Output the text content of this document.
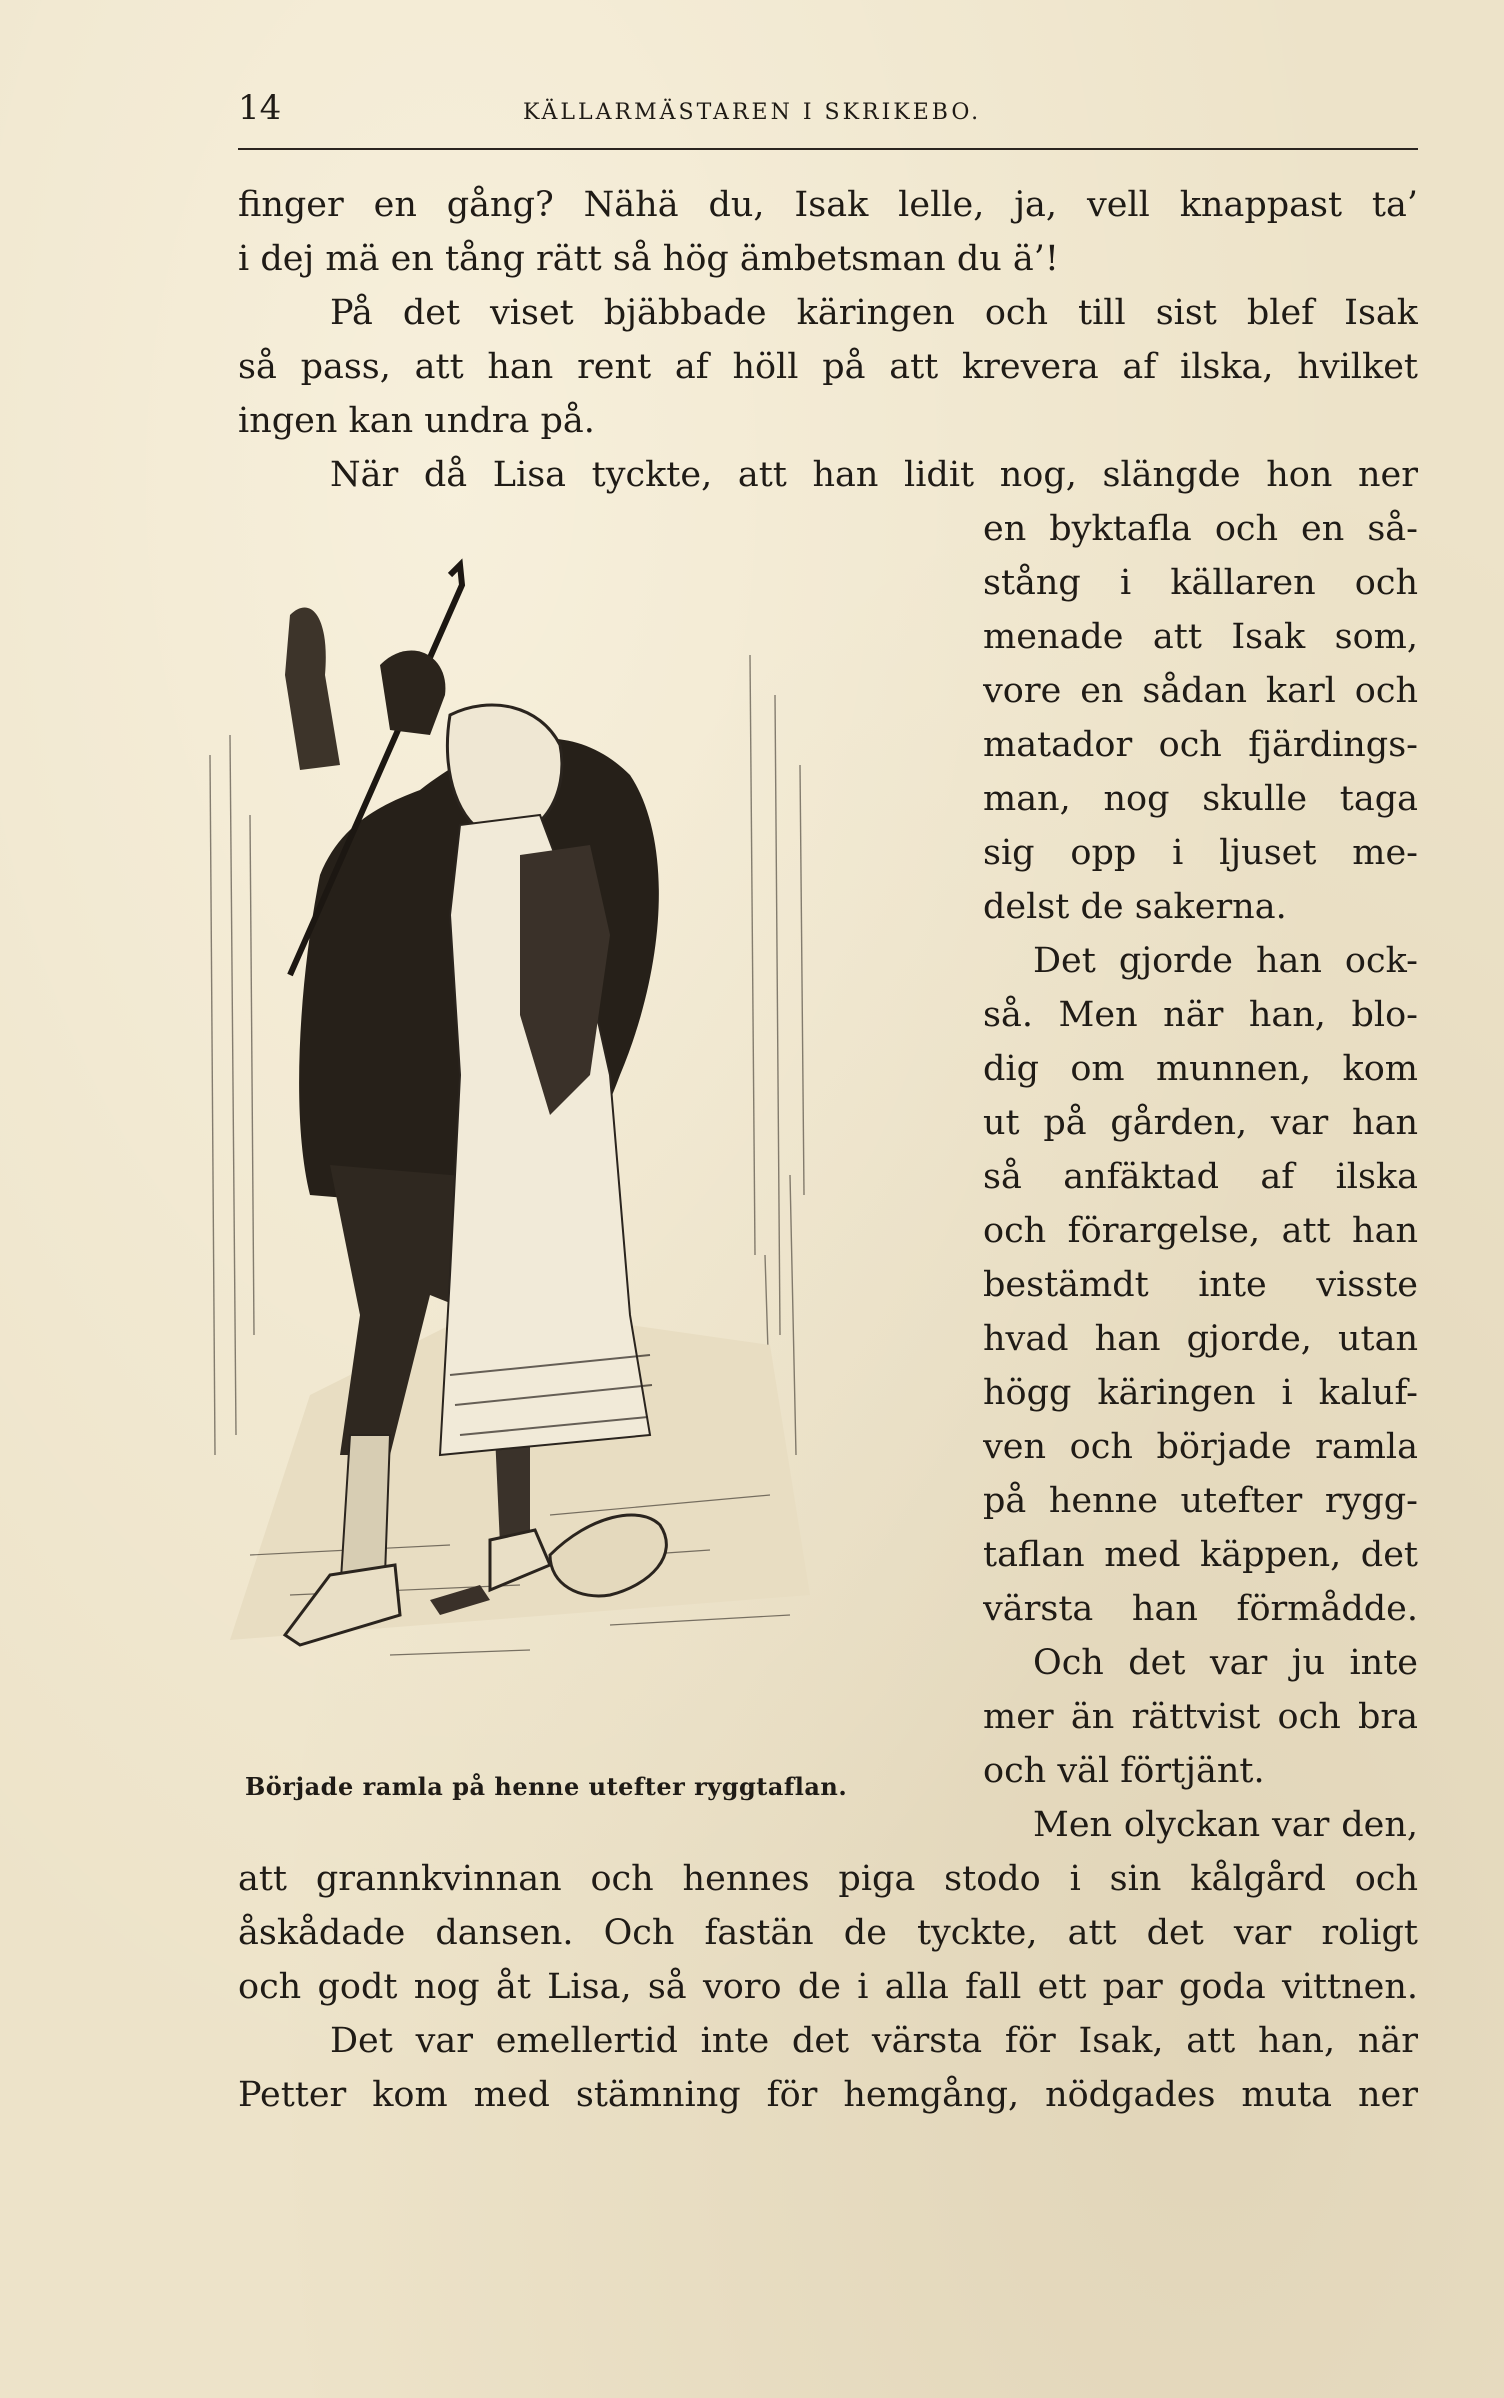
14	KÄLLARMÄSTAREN I SKRIKEBO.
finger en gång? Nähä du, Isak lelle, ja, vell knappast ta’
i dej mä en tång rätt så hög ämbetsman du ä’!
På det viset bjäbbade käringen och till sist blef Isak
så pass, att han rent af höll på att krevera af ilska, hvilket
ingen kan undra på.
När då Lisa tyckte, att han lidit nog, slängde hon ner
Började ramla på henne utefter ryggtaflan.
en byktafla och en så-
stång i källaren och
menade att Isak som,
vore en sådan karl och
matador och fjärdings-
man, nog skulle taga
sig opp i ljuset me-
delst de sakerna.
Det gjorde han ock-
så. Men när han, blo-
dig om munnen, kom
ut på gården, var han
så anfäktad af ilska
och förargelse, att han
bestämdt inte visste
hvad han gjorde, utan
högg käringen i kaluf-
ven och började ramla
på henne utefter rygg-
taflan med käppen, det
värsta han förmådde.
Och det var ju inte
mer än rättvist och bra
och väl förtjänt.
Men olyckan var den,
att grannkvinnan och hennes piga stodo i sin kålgård och
åskådade dansen. Och fastän de tyckte, att det var roligt
och godt nog åt Lisa, så voro de i alla fall ett par goda vittnen.
Det var emellertid inte det värsta för Isak, att han, när
Petter kom med stämning för hemgång, nödgades muta ner
